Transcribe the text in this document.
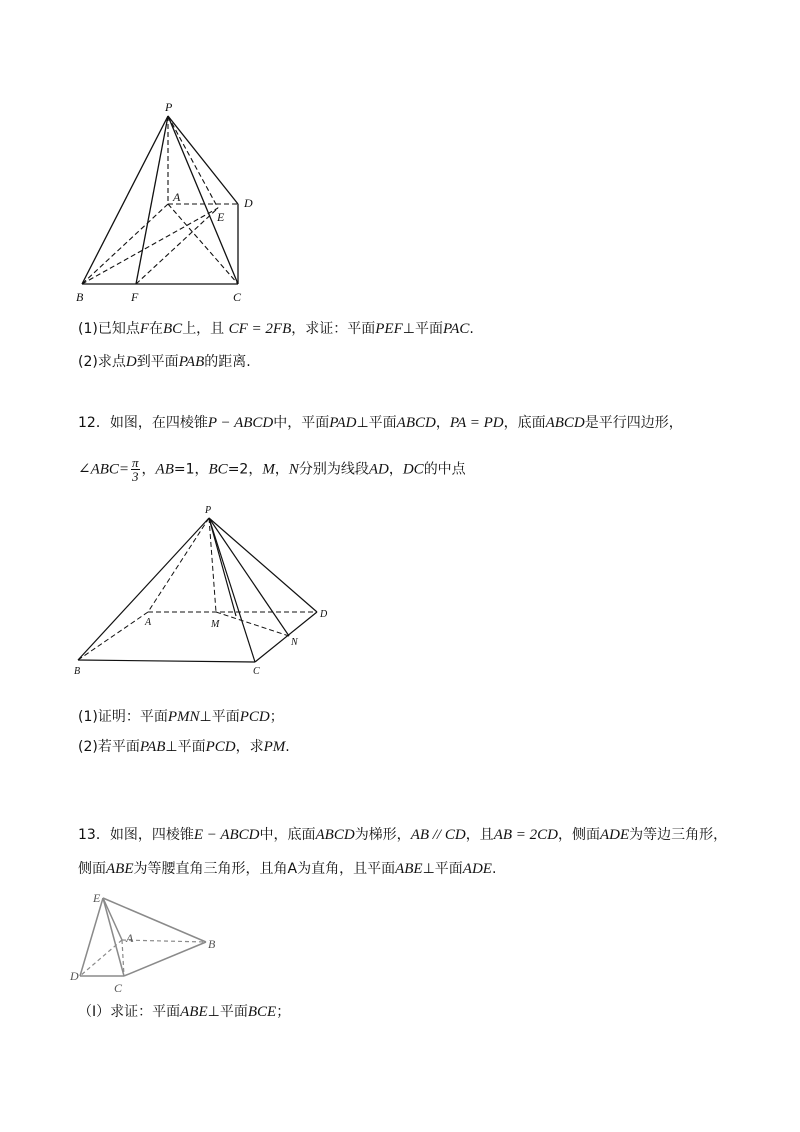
P
A
E
D
B	F	C
(1)已知点F在BC上，且 CF = 2FB，求证：平面PEF⊥平面PAC.
(2)求点D到平面PAB的距离.
12．如图，在四棱锥P − ABCD中，平面PAD⊥平面ABCD，PA = PD，底面ABCD是平行四边形，
∠ABC= $\frac{\pi}{3}$ ，AB=1，BC=2，M，N分别为线段AD，DC的中点
P
A	M
D
N
B	C
(1)证明：平面PMN⊥平面PCD；
(2)若平面PAB⊥平面PCD，求PM.
13．如图，四棱锥E − ABCD中，底面ABCD为梯形，AB // CD，且AB = 2CD，侧面ADE为等边三角形，
侧面ABE为等腰直角三角形，且角A为直角，且平面ABE⊥平面ADE.
E
A	B
D
C
（Ⅰ）求证：平面ABE⊥平面BCE；
